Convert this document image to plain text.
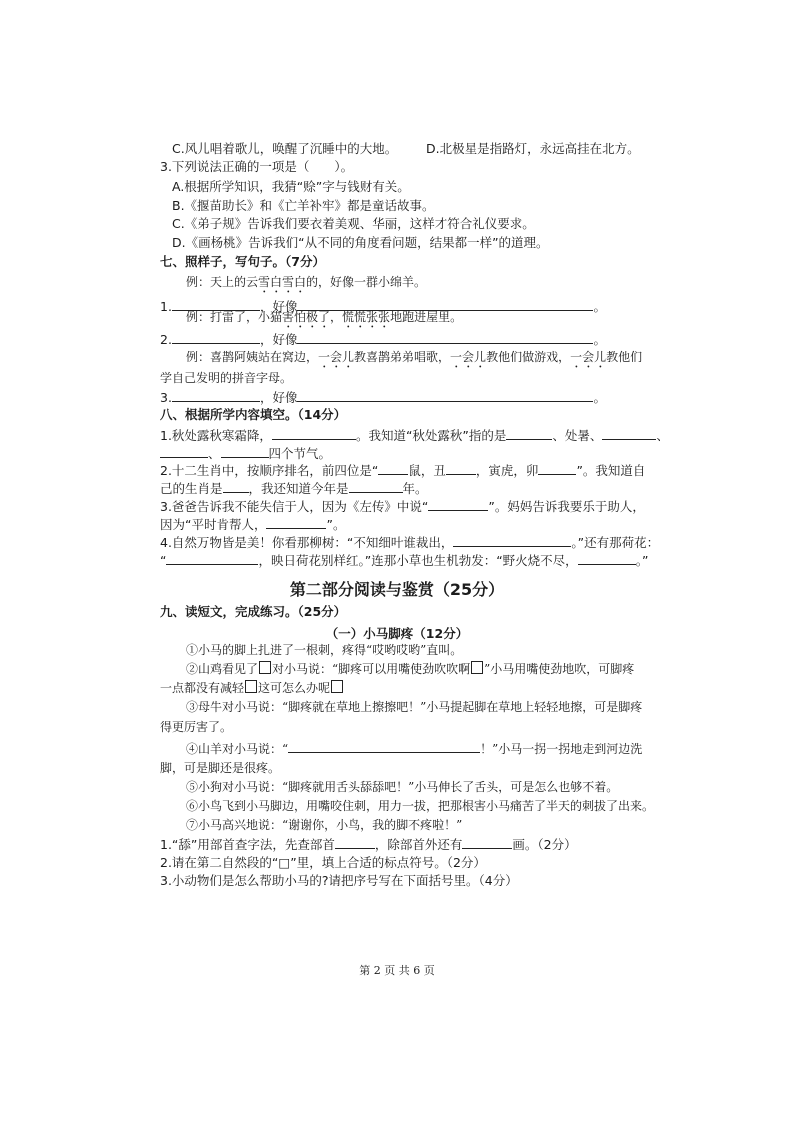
C.风儿唱着歌儿，唤醒了沉睡中的大地。 D.北极星是指路灯，永远高挂在北方。
3.下列说法正确的一项是（　　）。
A.根据所学知识，我猜“赊”字与钱财有关。
B.《揠苗助长》和《亡羊补牢》都是童话故事。
C.《弟子规》告诉我们要衣着美观、华丽，这样才符合礼仪要求。
D.《画杨桃》告诉我们“从不同的角度看问题，结果都一样”的道理。
七、照样子，写句子。（7分）
例：天上的云雪白雪白的，好像一群小绵羊。
1.	，好像	。
例：打雷了，小猫害怕极了，慌慌张张地跑进屋里。
2.	，好像	。
例：喜鹊阿姨站在窝边，一会儿教喜鹊弟弟唱歌，一会儿教他们做游戏，一会儿教他们
学自己发明的拼音字母。
3.	，好像	。
八、根据所学内容填空。（14分）
1.秋处露秋寒霜降，	。我知道“秋处露秋”指的是	、处暑、	、
、	四个节气。
2.十二生肖中，按顺序排名，前四位是“ 鼠，丑 ，寅虎，卯	”。我知道自
己的生肖是 ，我还知道今年是	年。
3.爸爸告诉我不能失信于人，因为《左传》中说“	”。妈妈告诉我要乐于助人，
因为“平时肯帮人，	”。
4.自然万物皆是美！你看那柳树：“不知细叶谁裁出，	。”还有那荷花：
“	，映日荷花别样红。”连那小草也生机勃发：“野火烧不尽，	。”
第二部分阅读与鉴赏（25分）
九、读短文，完成练习。（25分）
（一）小马脚疼（12分）
①小马的脚上扎进了一根刺，疼得“哎哟哎哟”直叫。
②山鸡看见了 对小马说：“脚疼可以用嘴使劲吹吹啊 ”小马用嘴使劲地吹，可脚疼
一点都没有减轻 这可怎么办呢
③母牛对小马说：“脚疼就在草地上擦擦吧！”小马提起脚在草地上轻轻地擦，可是脚疼
得更厉害了。
④山羊对小马说：“	！”小马一拐一拐地走到河边洗
脚，可是脚还是很疼。
⑤小狗对小马说：“脚疼就用舌头舔舔吧！”小马伸长了舌头，可是怎么也够不着。
⑥小鸟飞到小马脚边，用嘴咬住刺，用力一拔，把那根害小马痛苦了半天的刺拔了出来。
⑦小马高兴地说：“谢谢你，小鸟，我的脚不疼啦！”
1.“舔”用部首查字法，先查部首	，除部首外还有	画。（2分）
2.请在第二自然段的“□”里，填上合适的标点符号。（2分）
3.小动物们是怎么帮助小马的?请把序号写在下面括号里。（4分）
第 2 页 共 6 页
